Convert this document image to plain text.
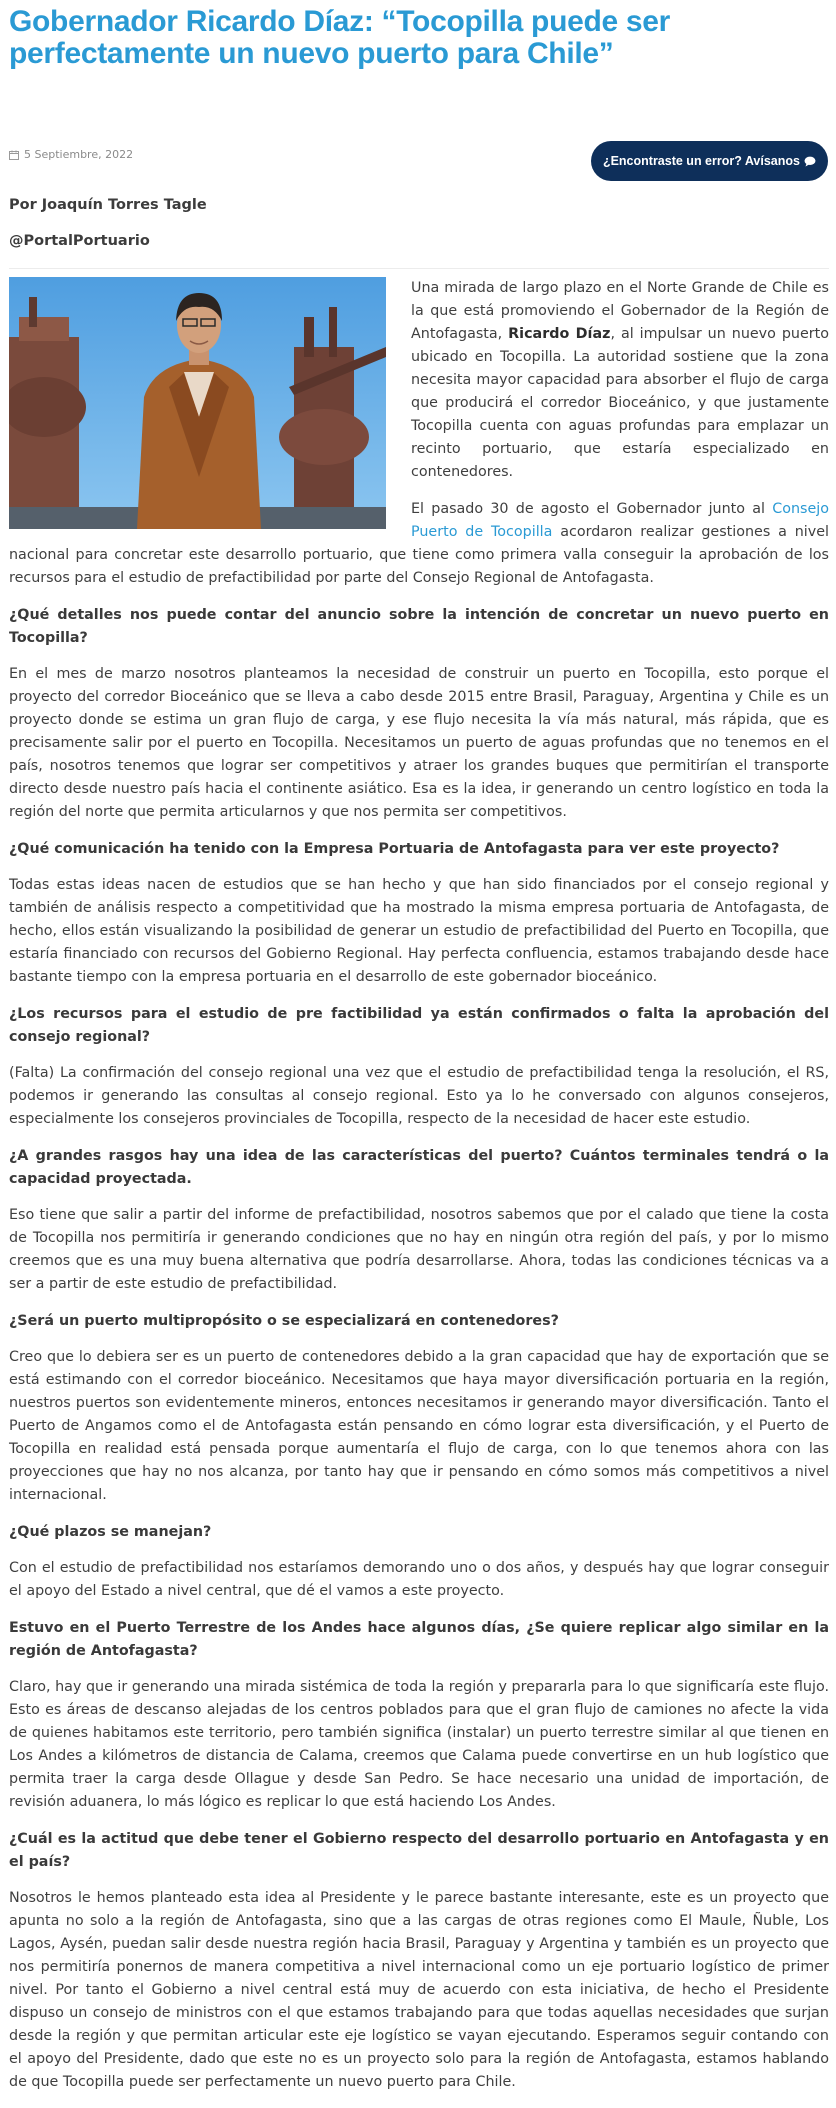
Gobernador Ricardo Díaz: “Tocopilla puede ser perfectamente un nuevo puerto para Chile”
5 Septiembre, 2022	¿Encontraste un error? Avísanos
Por Joaquín Torres Tagle
@PortalPortuario

Una mirada de largo plazo en el Norte Grande de Chile es la que está promoviendo el Gobernador de la Región de Antofagasta, Ricardo Díaz, al impulsar un nuevo puerto ubicado en Tocopilla. La autoridad sostiene que la zona necesita mayor capacidad para absorber el flujo de carga que producirá el corredor Bioceánico, y que justamente Tocopilla cuenta con aguas profundas para emplazar un recinto portuario, que estaría especializado en contenedores.

El pasado 30 de agosto el Gobernador junto al Consejo Puerto de Tocopilla acordaron realizar gestiones a nivel nacional para concretar este desarrollo portuario, que tiene como primera valla conseguir la aprobación de los recursos para el estudio de prefactibilidad por parte del Consejo Regional de Antofagasta.

¿Qué detalles nos puede contar del anuncio sobre la intención de concretar un nuevo puerto en Tocopilla?

En el mes de marzo nosotros planteamos la necesidad de construir un puerto en Tocopilla, esto porque el proyecto del corredor Bioceánico que se lleva a cabo desde 2015 entre Brasil, Paraguay, Argentina y Chile es un proyecto donde se estima un gran flujo de carga, y ese flujo necesita la vía más natural, más rápida, que es precisamente salir por el puerto en Tocopilla. Necesitamos un puerto de aguas profundas que no tenemos en el país, nosotros tenemos que lograr ser competitivos y atraer los grandes buques que permitirían el transporte directo desde nuestro país hacia el continente asiático. Esa es la idea, ir generando un centro logístico en toda la región del norte que permita articularnos y que nos permita ser competitivos.

¿Qué comunicación ha tenido con la Empresa Portuaria de Antofagasta para ver este proyecto?

Todas estas ideas nacen de estudios que se han hecho y que han sido financiados por el consejo regional y también de análisis respecto a competitividad que ha mostrado la misma empresa portuaria de Antofagasta, de hecho, ellos están visualizando la posibilidad de generar un estudio de prefactibilidad del Puerto en Tocopilla, que estaría financiado con recursos del Gobierno Regional. Hay perfecta confluencia, estamos trabajando desde hace bastante tiempo con la empresa portuaria en el desarrollo de este gobernador bioceánico.

¿Los recursos para el estudio de pre factibilidad ya están confirmados o falta la aprobación del consejo regional?

(Falta) La confirmación del consejo regional una vez que el estudio de prefactibilidad tenga la resolución, el RS, podemos ir generando las consultas al consejo regional. Esto ya lo he conversado con algunos consejeros, especialmente los consejeros provinciales de Tocopilla, respecto de la necesidad de hacer este estudio.

¿A grandes rasgos hay una idea de las características del puerto? Cuántos terminales tendrá o la capacidad proyectada.

Eso tiene que salir a partir del informe de prefactibilidad, nosotros sabemos que por el calado que tiene la costa de Tocopilla nos permitiría ir generando condiciones que no hay en ningún otra región del país, y por lo mismo creemos que es una muy buena alternativa que podría desarrollarse. Ahora, todas las condiciones técnicas va a ser a partir de este estudio de prefactibilidad.

¿Será un puerto multipropósito o se especializará en contenedores?

Creo que lo debiera ser es un puerto de contenedores debido a la gran capacidad que hay de exportación que se está estimando con el corredor bioceánico. Necesitamos que haya mayor diversificación portuaria en la región, nuestros puertos son evidentemente mineros, entonces necesitamos ir generando mayor diversificación. Tanto el Puerto de Angamos como el de Antofagasta están pensando en cómo lograr esta diversificación, y el Puerto de Tocopilla en realidad está pensada porque aumentaría el flujo de carga, con lo que tenemos ahora con las proyecciones que hay no nos alcanza, por tanto hay que ir pensando en cómo somos más competitivos a nivel internacional.

¿Qué plazos se manejan?

Con el estudio de prefactibilidad nos estaríamos demorando uno o dos años, y después hay que lograr conseguir el apoyo del Estado a nivel central, que dé el vamos a este proyecto.

Estuvo en el Puerto Terrestre de los Andes hace algunos días, ¿Se quiere replicar algo similar en la región de Antofagasta?

Claro, hay que ir generando una mirada sistémica de toda la región y prepararla para lo que significaría este flujo. Esto es áreas de descanso alejadas de los centros poblados para que el gran flujo de camiones no afecte la vida de quienes habitamos este territorio, pero también significa (instalar) un puerto terrestre similar al que tienen en Los Andes a kilómetros de distancia de Calama, creemos que Calama puede convertirse en un hub logístico que permita traer la carga desde Ollague y desde San Pedro. Se hace necesario una unidad de importación, de revisión aduanera, lo más lógico es replicar lo que está haciendo Los Andes.

¿Cuál es la actitud que debe tener el Gobierno respecto del desarrollo portuario en Antofagasta y en el país?

Nosotros le hemos planteado esta idea al Presidente y le parece bastante interesante, este es un proyecto que apunta no solo a la región de Antofagasta, sino que a las cargas de otras regiones como El Maule, Ñuble, Los Lagos, Aysén, puedan salir desde nuestra región hacia Brasil, Paraguay y Argentina y también es un proyecto que nos permitiría ponernos de manera competitiva a nivel internacional como un eje portuario logístico de primer nivel. Por tanto el Gobierno a nivel central está muy de acuerdo con esta iniciativa, de hecho el Presidente dispuso un consejo de ministros con el que estamos trabajando para que todas aquellas necesidades que surjan desde la región y que permitan articular este eje logístico se vayan ejecutando. Esperamos seguir contando con el apoyo del Presidente, dado que este no es un proyecto solo para la región de Antofagasta, estamos hablando de que Tocopilla puede ser perfectamente un nuevo puerto para Chile.
